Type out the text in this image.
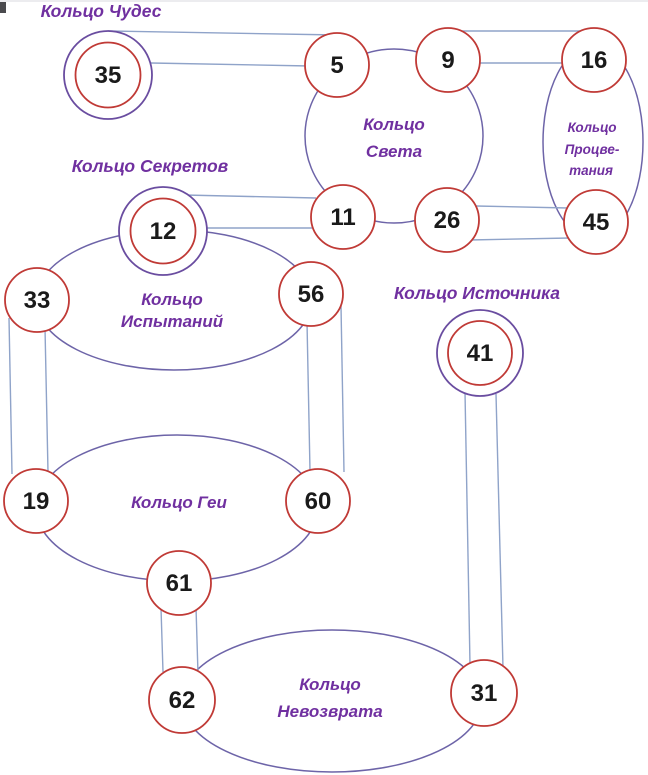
35	5	9	16
11	26	45
12
33	56
41
19	60
61
62	31
Кольцо Чудес
Кольцо Секретов
Кольцо Источника
Кольцо
Света
Кольцо
Процве-
тания
Кольцо
Испытаний
Кольцо Геи
Кольцо
Невозврата
